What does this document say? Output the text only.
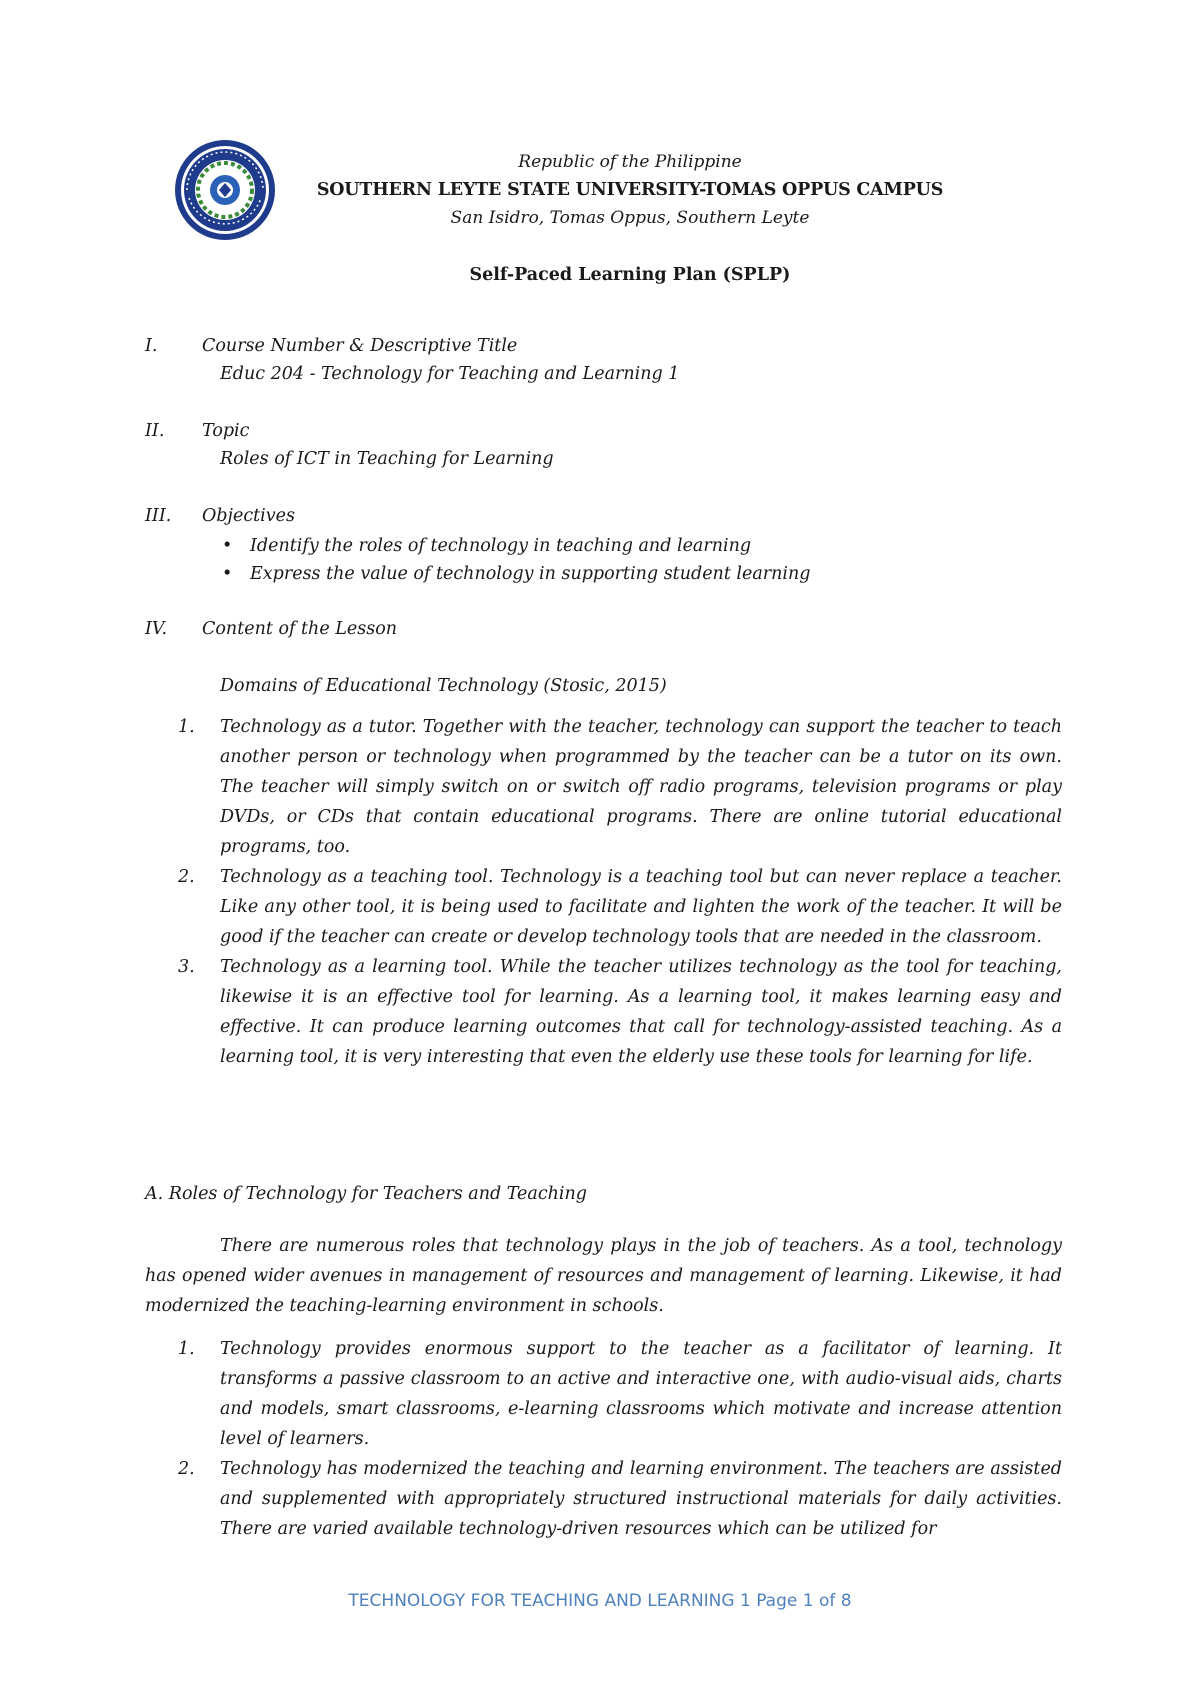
Republic of the Philippine
SOUTHERN LEYTE STATE UNIVERSITY-TOMAS OPPUS CAMPUS
San Isidro, Tomas Oppus, Southern Leyte
Self-Paced Learning Plan (SPLP)
I.	Course Number & Descriptive Title
Educ 204 - Technology for Teaching and Learning 1
II. Topic
Roles of ICT in Teaching for Learning
III. Objectives
• Identify the roles of technology in teaching and learning
• Express the value of technology in supporting student learning
IV. Content of the Lesson
Domains of Educational Technology (Stosic, 2015)
1. Technology as a tutor. Together with the teacher, technology can support the teacher to teach another person or technology when programmed by the teacher can be a tutor on its own. The teacher will simply switch on or switch off radio programs, television programs or play DVDs, or CDs that contain educational programs. There are online tutorial educational programs, too.
2. Technology as a teaching tool. Technology is a teaching tool but can never replace a teacher. Like any other tool, it is being used to facilitate and lighten the work of the teacher. It will be good if the teacher can create or develop technology tools that are needed in the classroom.
3. Technology as a learning tool. While the teacher utilizes technology as the tool for teaching, likewise it is an effective tool for learning. As a learning tool, it makes learning easy and effective. It can produce learning outcomes that call for technology-assisted teaching. As a learning tool, it is very interesting that even the elderly use these tools for learning for life.
A. Roles of Technology for Teachers and Teaching
There are numerous roles that technology plays in the job of teachers. As a tool, technology has opened wider avenues in management of resources and management of learning. Likewise, it had modernized the teaching-learning environment in schools.
1. Technology provides enormous support to the teacher as a facilitator of learning. It transforms a passive classroom to an active and interactive one, with audio-visual aids, charts and models, smart classrooms, e-learning classrooms which motivate and increase attention level of learners.
2. Technology has modernized the teaching and learning environment. The teachers are assisted and supplemented with appropriately structured instructional materials for daily activities. There are varied available technology-driven resources which can be utilized for
TECHNOLOGY FOR TEACHING AND LEARNING 1 Page 1 of 8
